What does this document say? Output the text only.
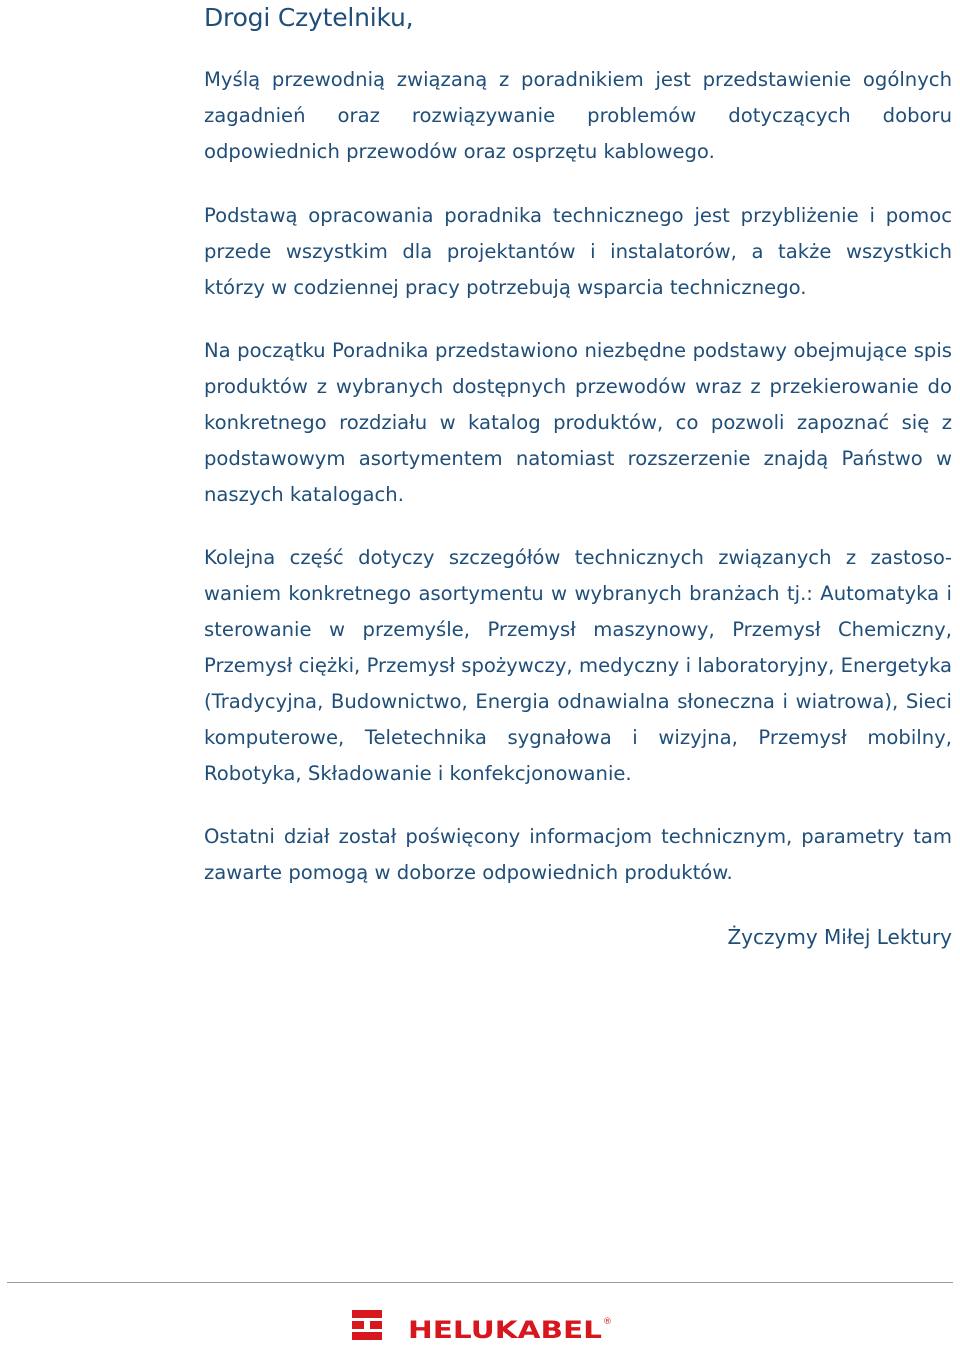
Drogi Czytelniku,

Myślą przewodnią związaną z poradnikiem jest przedstawienie ogólnych zagadnień oraz rozwiązywanie problemów dotyczących doboru odpowiednich przewodów oraz osprzętu kablowego.

Podstawą opracowania poradnika technicznego jest przybliżenie i pomoc przede wszystkim dla projektantów i instalatorów, a także wszystkich którzy w codziennej pracy potrzebują wsparcia technicznego.

Na początku Poradnika przedstawiono niezbędne podstawy obejmujące spis produktów z wybranych dostępnych przewodów wraz z przekierowanie do konkretnego rozdziału w katalog produktów, co pozwoli zapoznać się z podstawowym asortymentem natomiast rozszerzenie znajdą Państwo w naszych katalogach.

Kolejna część dotyczy szczegółów technicznych związanych z zastosowaniem konkretnego asortymentu w wybranych branżach tj.: Automatyka i sterowanie w przemyśle, Przemysł maszynowy, Przemysł Chemiczny, Przemysł ciężki, Przemysł spożywczy, medyczny i laboratoryjny, Energetyka (Tradycyjna, Budownictwo, Energia odnawialna słoneczna i wiatrowa), Sieci komputerowe, Teletechnika sygnałowa i wizyjna, Przemysł mobilny, Robotyka, Składowanie i konfekcjonowanie.

Ostatni dział został poświęcony informacjom technicznym, parametry tam zawarte pomogą w doborze odpowiednich produktów.

Życzymy Miłej Lektury

HELUKABEL ®
